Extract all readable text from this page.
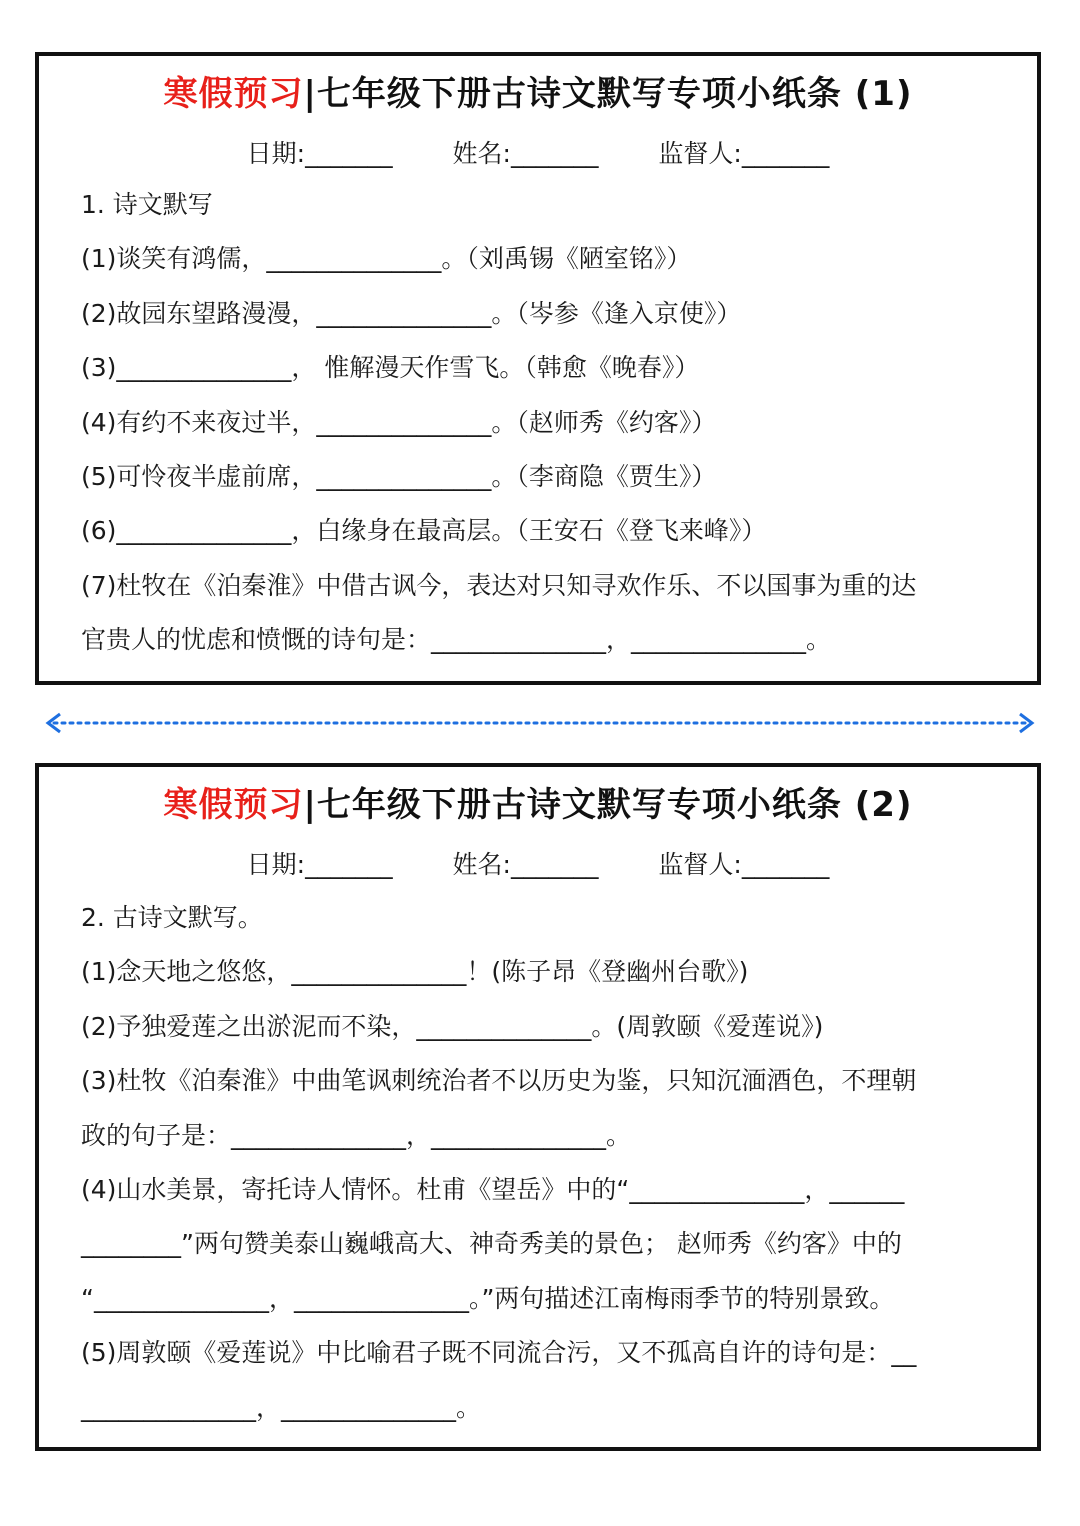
寒假预习|七年级下册古诗文默写专项小纸条 (1)
日期:_______ 姓名:_______ 监督人:_______
1. 诗文默写
(1)谈笑有鸿儒，______________。（刘禹锡《陋室铭》）
(2)故园东望路漫漫，______________。（岑参《逢入京使》）
(3)______________， 惟解漫天作雪飞。（韩愈《晚春》）
(4)有约不来夜过半，______________。（赵师秀《约客》）
(5)可怜夜半虚前席，______________。（李商隐《贾生》）
(6)______________，白缘身在最高层。（王安石《登飞来峰》）
(7)杜牧在《泊秦淮》中借古讽今，表达对只知寻欢作乐、不以国事为重的达
官贵人的忧虑和愤慨的诗句是：______________，______________。
寒假预习|七年级下册古诗文默写专项小纸条 (2)
日期:_______ 姓名:_______ 监督人:_______
2. 古诗文默写。
(1)念天地之悠悠，______________！(陈子昂《登幽州台歌》)
(2)予独爱莲之出淤泥而不染，______________。(周敦颐《爱莲说》)
(3)杜牧《泊秦淮》中曲笔讽刺统治者不以历史为鉴，只知沉湎酒色，不理朝
政的句子是：______________，______________。
(4)山水美景，寄托诗人情怀。杜甫《望岳》中的“______________，______
________”两句赞美泰山巍峨高大、神奇秀美的景色； 赵师秀《约客》中的
“______________，______________。”两句描述江南梅雨季节的特别景致。
(5)周敦颐《爱莲说》中比喻君子既不同流合污，又不孤高自许的诗句是：__
______________，______________。
